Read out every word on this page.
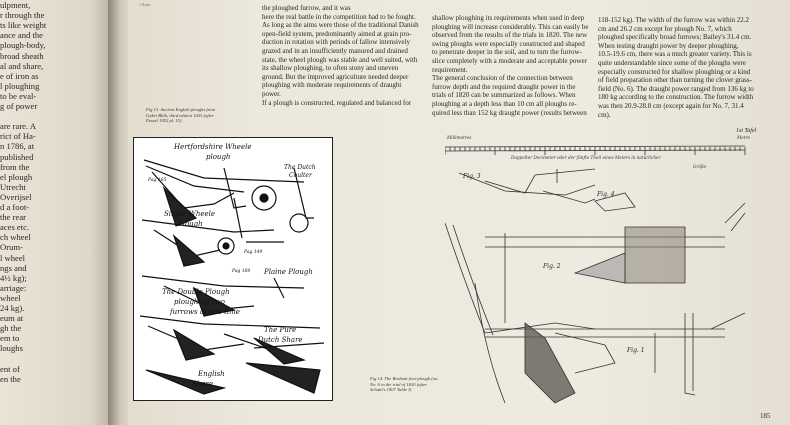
ulpment,
r through the
ts like weight
ance and the
plough-body,
broad sheath
al and share,
e of iron as
l ploughing
to be eval-
g of power
are rare. A
rict of Ha-
n 1786, at
published
from the
el plough
Utrecht
Overijsel
d a foot-
the rear
aces etc.
ch wheel
Orum-
l wheel
ngs and
4½ kg);
arriage:
wheel
24 kg).
eum at
gh the
em to
loughs
ent of
en the
1 Runs	the ploughed furrow, and it was
here the real battle in the competition had to be fought.
As long as the aims were those of the traditional Danish
open-field system, predominantly aimed at grain pro-
duction in rotation with periods of fallow intensively
grazed and in an insufficiently manured and drained
state, the wheel plough was stable and well suited, with
its shallow ploughing, to often stony and uneven
ground. But the improved agriculture needed deeper
ploughing with moderate requirements of draught
power.
If a plough is constructed, regulated and balanced for
shallow ploughing its requirements when used in deep
ploughing will increase considerably. This can easily be
observed from the results of the trials in 1820. The new
swing ploughs were especially constructed and shaped
to penetrate deeper in the soil, and to turn the furrow-
slice completely with a moderate and acceptable power
requirement.
The general conclusion of the connection between
furrow depth and the required draught power in the
trials of 1820 can be summarized as follows. When
ploughing at a depth less than 10 cm all ploughs re-
quired less than 152 kg draught power (results between
118-152 kg). The width of the furrow was within 22.2
cm and 26.2 cm except for plough No. 7, which
ploughed specifically broad furrows; Bailey's 31.4 cm.
When testing draught power by deeper ploughing,
10.5-19.6 cm, there was a much greater variety. This is
quite understandable since some of the ploughs were
especially constructed for shallow ploughing or a kind
of field preparation other than turning the clover grass-
field (No. 6). The draught power ranged from 136 kg to
180 kg according to the construction. The furrow width
was then 20.9-28.8 cm (except again for No. 7, 31.4
cm).
Fig 13. Ancient English ploughs from
Gabri Blith, third edition 1653 (after
Fussel 1952 pl. 15)
Hertfordshire Wheele
plough
The Dutch
Coulter
Pag 165
Single Wheele
Plough
Pag 149
Pag 160 Plaine Plough
The Double Plough
ploughing two
furrows at one time
The Pure
Dutch Share
English
Share
1st Tafel
Millimetres
Doppelter Decimeter oder der fünfte Theil eines Meters in natürlicher
Größe
Metre
Fig. 3
Fig. 4
Fig. 2
Fig. 1
Fig 14. The Brabant foot-plough (no.
No. 6 in the trial of 1820 (after
Schiøtt's 1807 Table I).
185
